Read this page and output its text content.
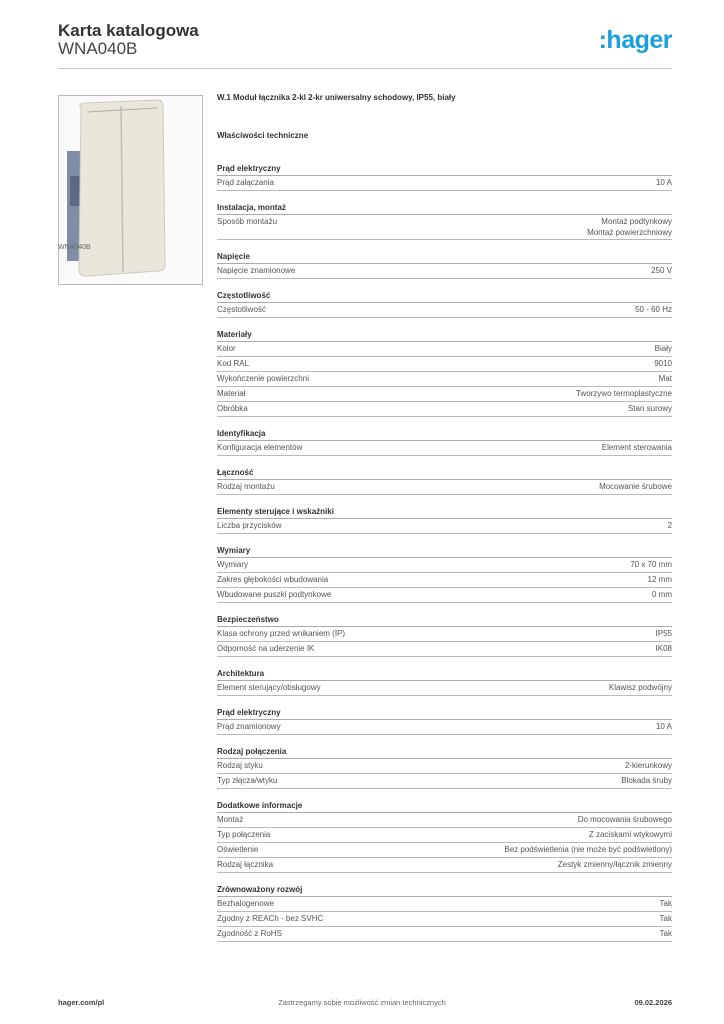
Karta katalogowa
WNA040B	:hager
WNA040B
W.1 Moduł łącznika 2-kl 2-kr uniwersalny schodowy, IP55, biały
Właściwości techniczne
Prąd elektryczny
Prąd załączania	10 A
Instalacja, montaż
Sposób montażu	Montaż podtynkowy
Montaż powierzchniowy
Napięcie
Napięcie znamionowe	250 V
Częstotliwość
Częstotliwość	50 - 60 Hz
Materiały
Kolor	Biały
Kod RAL	9010
Wykończenie powierzchni	Mat
Materiał	Tworzywo termoplastyczne
Obróbka	Stan surowy
Identyfikacja
Konfiguracja elementów	Element sterowania
Łączność
Rodzaj montażu	Mocowanie śrubowe
Elementy sterujące i wskaźniki
Liczba przycisków	2
Wymiary
Wymiary	70 x 70 mm
Zakres głębokości wbudowania	12 mm
Wbudowane puszki podtynkowe	0 mm
Bezpieczeństwo
Klasa ochrony przed wnikaniem (IP)	IP55
Odporność na uderzenie IK	IK08
Architektura
Element sterujący/obsługowy	Klawisz podwójny
Prąd elektryczny
Prąd znamionowy	10 A
Rodzaj połączenia
Rodzaj styku	2-kierunkowy
Typ złącza/wtyku	Blokada śruby
Dodatkowe informacje
Montaż	Do mocowania śrubowego
Typ połączenia	Z zaciskami wtykowymi
Oświetlenie	Bez podświetlenia (nie może być podświetlony)
Rodzaj łącznika	Zestyk zmienny/łącznik zmienny
Zrównoważony rozwój
Bezhalogenowe	Tak
Zgodny z REACh - bez SVHC	Tak
Zgodność z RoHS	Tak
hager.com/pl	Zastrzegamy sobie możliwość zmian technicznych	09.02.2026
